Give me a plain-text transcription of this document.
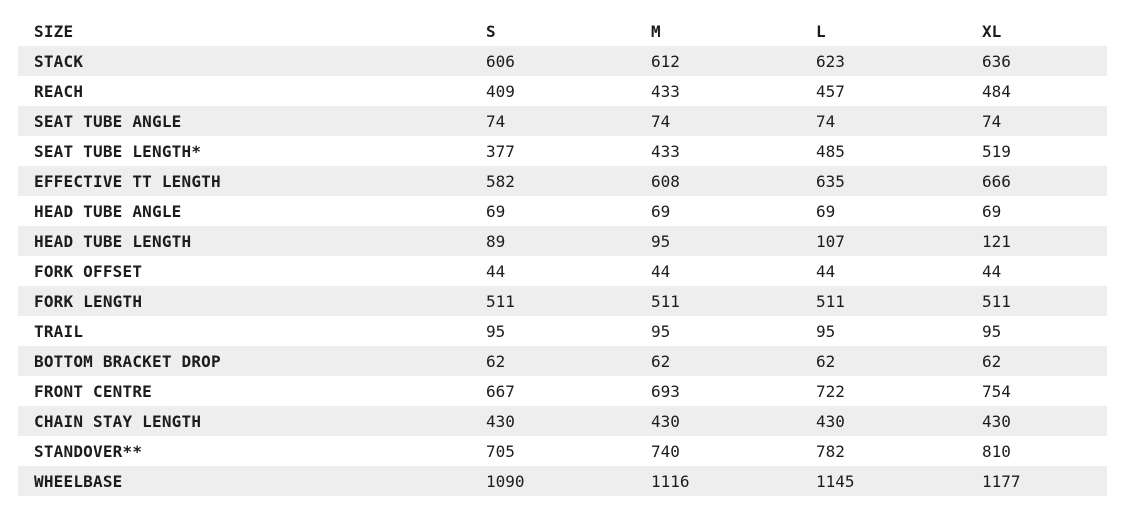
SIZE	S	M	L	XL
STACK	606	612	623	636
REACH	409	433	457	484
SEAT TUBE ANGLE	74	74	74	74
SEAT TUBE LENGTH*	377	433	485	519
EFFECTIVE TT LENGTH	582	608	635	666
HEAD TUBE ANGLE	69	69	69	69
HEAD TUBE LENGTH	89	95	107	121
FORK OFFSET	44	44	44	44
FORK LENGTH	511	511	511	511
TRAIL	95	95	95	95
BOTTOM BRACKET DROP	62	62	62	62
FRONT CENTRE	667	693	722	754
CHAIN STAY LENGTH	430	430	430	430
STANDOVER**	705	740	782	810
WHEELBASE	1090	1116	1145	1177
